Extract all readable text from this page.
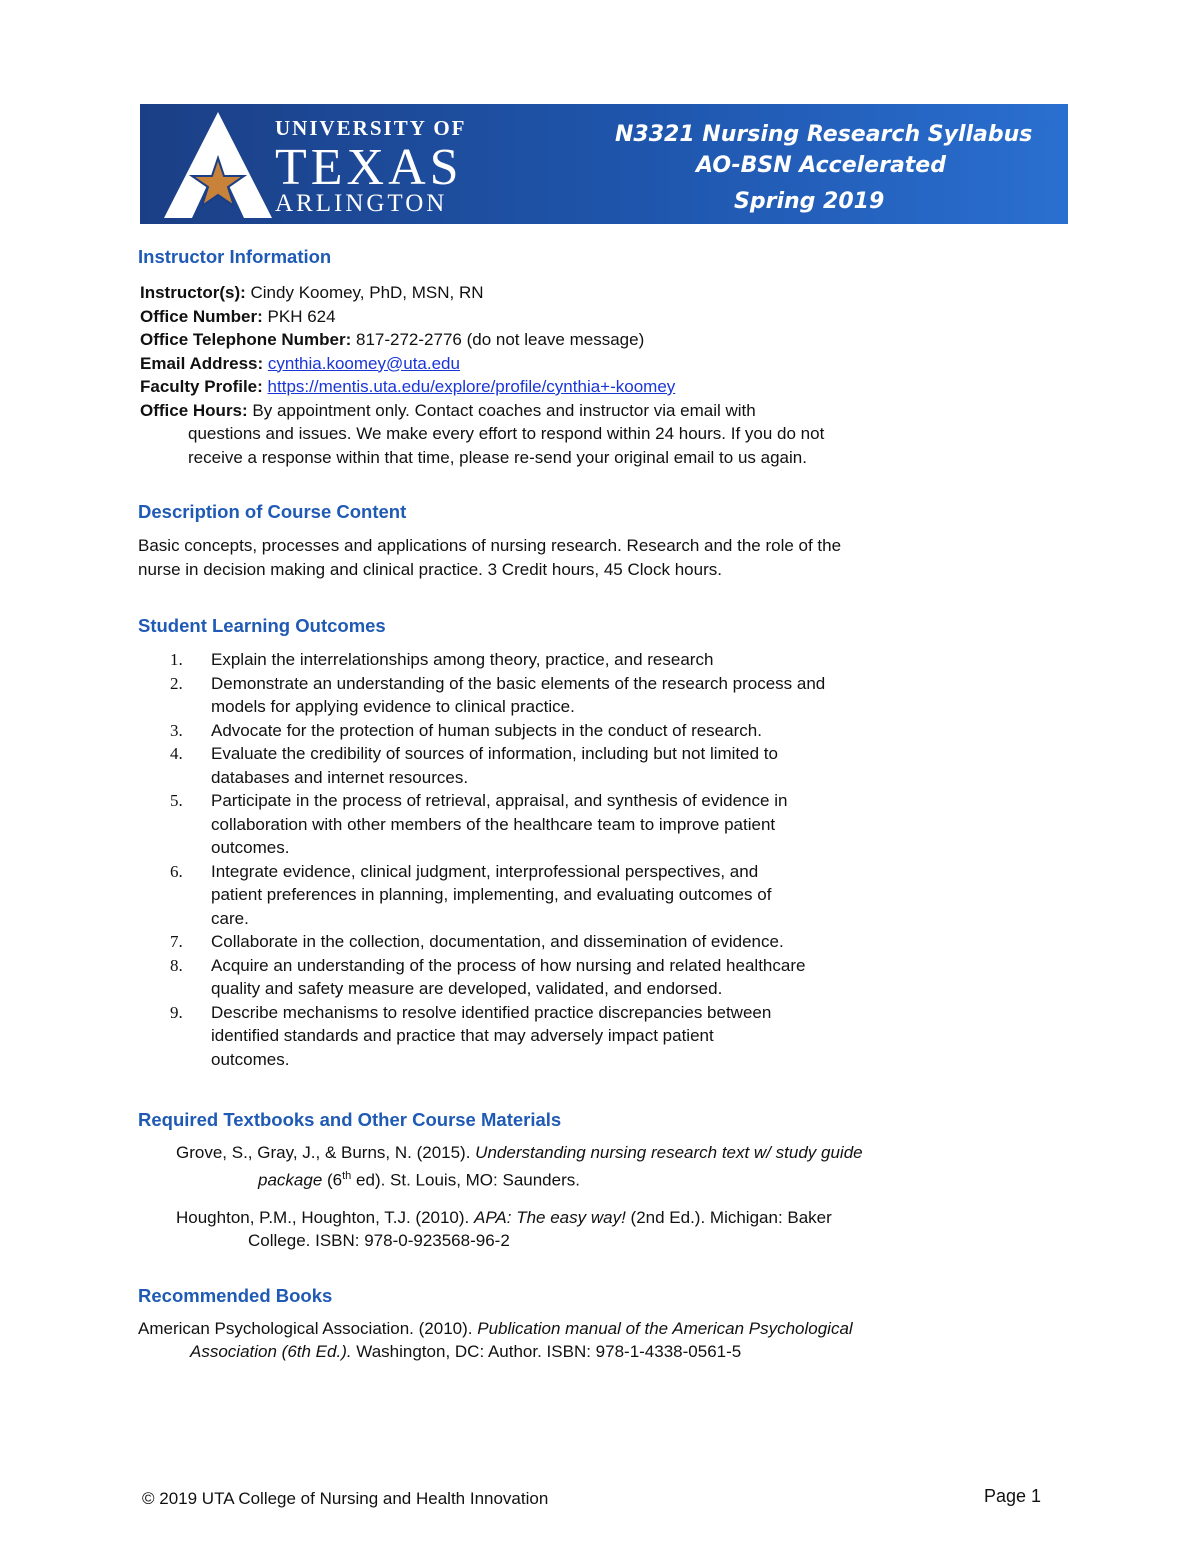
UNIVERSITY OF
TEXAS
ARLINGTON
N3321 Nursing Research Syllabus
AO-BSN Accelerated
Spring 2019
Instructor Information

Instructor(s): Cindy Koomey, PhD, MSN, RN

Office Number: PKH 624

Office Telephone Number: 817-272-2776 (do not leave message)

Email Address: cynthia.koomey@uta.edu

Faculty Profile: https://mentis.uta.edu/explore/profile/cynthia+-koomey

Office Hours: By appointment only. Contact coaches and instructor via email with

questions and issues. We make every effort to respond within 24 hours. If you do not

receive a response within that time, please re-send your original email to us again.

Description of Course Content
Basic concepts, processes and applications of nursing research. Research and the role of the
nurse in decision making and clinical practice. 3 Credit hours, 45 Clock hours.
Student Learning Outcomes
1. Explain the interrelationships among theory, practice, and research
2. Demonstrate an understanding of the basic elements of the research process and
models for applying evidence to clinical practice.
3. Advocate for the protection of human subjects in the conduct of research.
4. Evaluate the credibility of sources of information, including but not limited to
databases and internet resources.
5. Participate in the process of retrieval, appraisal, and synthesis of evidence in
collaboration with other members of the healthcare team to improve patient
outcomes.
6. Integrate evidence, clinical judgment, interprofessional perspectives, and
patient preferences in planning, implementing, and evaluating outcomes of
care.
7. Collaborate in the collection, documentation, and dissemination of evidence.
8. Acquire an understanding of the process of how nursing and related healthcare
quality and safety measure are developed, validated, and endorsed.
9. Describe mechanisms to resolve identified practice discrepancies between
identified standards and practice that may adversely impact patient
outcomes.
Required Textbooks and Other Course Materials
Grove, S., Gray, J., & Burns, N. (2015). Understanding nursing research text w/ study guide
package (6th ed). St. Louis, MO: Saunders.
Houghton, P.M., Houghton, T.J. (2010). APA: The easy way! (2nd Ed.). Michigan: Baker
College. ISBN: 978-0-923568-96-2
Recommended Books
American Psychological Association. (2010). Publication manual of the American Psychological
Association (6th Ed.). Washington, DC: Author. ISBN: 978-1-4338-0561-5
© 2019 UTA College of Nursing and Health Innovation	Page 1
